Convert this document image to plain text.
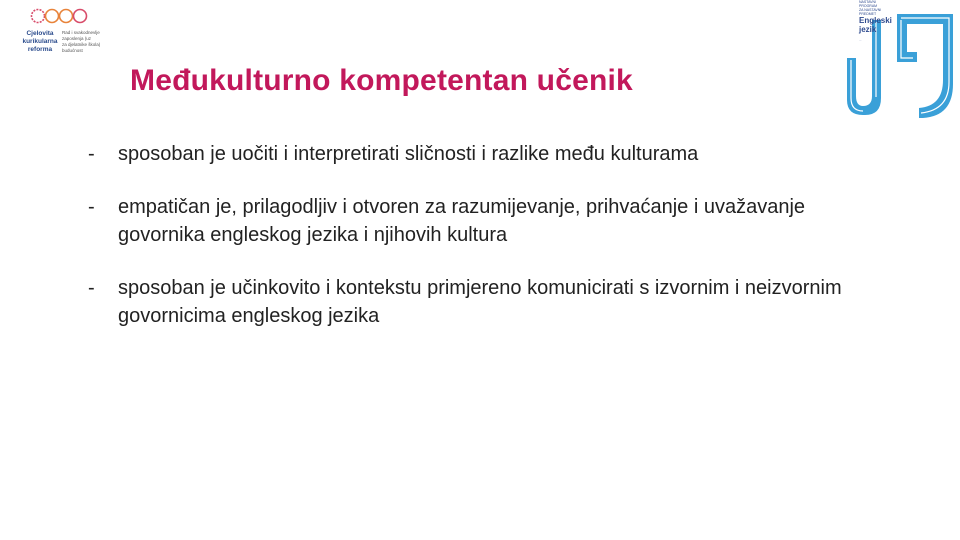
Cjelovita
kurikularna
reforma
Rad i svakodnevlje
zaposlenja (uz
za djelatnike škola)
budućnost
NASTAVNI
PROGRAM
ZA NASTAVNI
PREDMET
Engleski
jezik
...
Međukulturno kompetentan učenik
- sposoban je uočiti i interpretirati sličnosti i razlike među kulturama
- empatičan je, prilagodljiv i otvoren za razumijevanje, prihvaćanje i uvažavanje govornika engleskog jezika i njihovih kultura
- sposoban je učinkovito i kontekstu primjereno komunicirati s izvornim i neizvornim govornicima engleskog jezika
